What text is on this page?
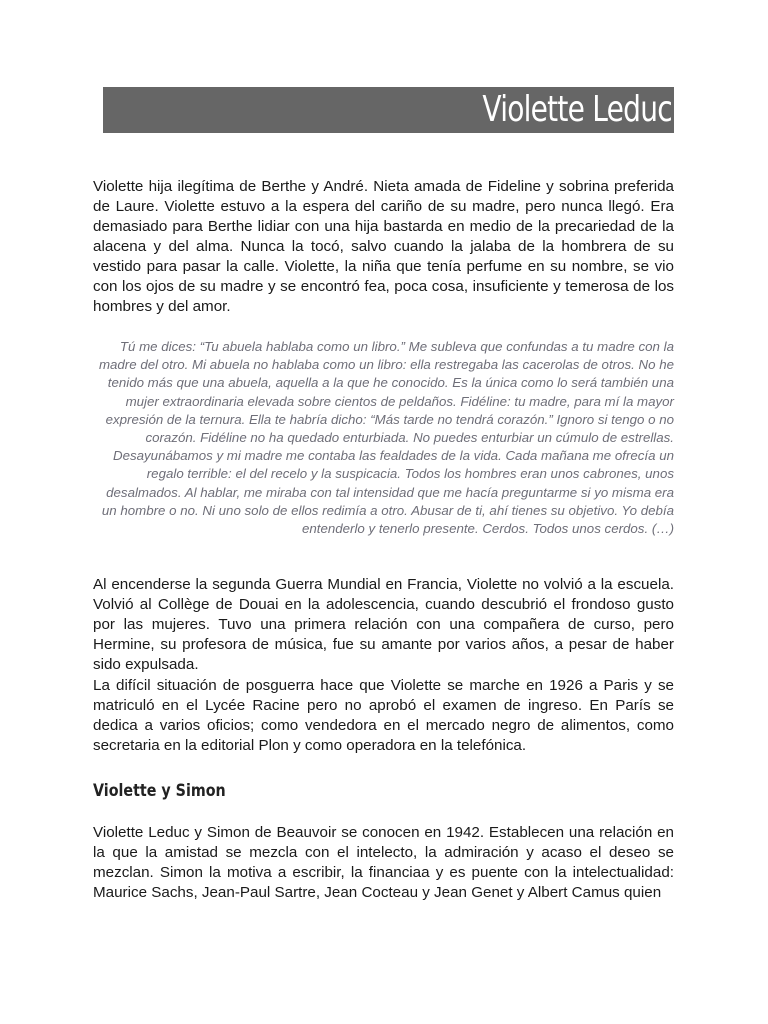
Violette Leduc

Violette hija ilegítima de Berthe y André. Nieta amada de Fideline y sobrina preferida de Laure. Violette estuvo a la espera del cariño de su madre, pero nunca llegó. Era demasiado para Berthe lidiar con una hija bastarda en medio de la precariedad de la alacena y del alma. Nunca la tocó, salvo cuando la jalaba de la hombrera de su vestido para pasar la calle. Violette, la niña que tenía perfume en su nombre, se vio con los ojos de su madre y se encontró fea, poca cosa, insuficiente y temerosa de los hombres y del amor.

Tú me dices: “Tu abuela hablaba como un libro.” Me subleva que confundas a tu madre con la madre del otro. Mi abuela no hablaba como un libro: ella restregaba las cacerolas de otros. No he tenido más que una abuela, aquella a la que he conocido. Es la única como lo será también una mujer extraordinaria elevada sobre cientos de peldaños. Fidéline: tu madre, para mí la mayor expresión de la ternura. Ella te habría dicho: “Más tarde no tendrá corazón.” Ignoro si tengo o no corazón. Fidéline no ha quedado enturbiada. No puedes enturbiar un cúmulo de estrellas.

Desayunábamos y mi madre me contaba las fealdades de la vida. Cada mañana me ofrecía un regalo terrible: el del recelo y la suspicacia. Todos los hombres eran unos cabrones, unos desalmados. Al hablar, me miraba con tal intensidad que me hacía preguntarme si yo misma era un hombre o no. Ni uno solo de ellos redimía a otro. Abusar de ti, ahí tienes su objetivo. Yo debía entenderlo y tenerlo presente. Cerdos. Todos unos cerdos. (…)

Al encenderse la segunda Guerra Mundial en Francia, Violette no volvió a la escuela. Volvió al Collège de Douai en la adolescencia, cuando descubrió el frondoso gusto por las mujeres. Tuvo una primera relación con una compañera de curso, pero Hermine, su profesora de música, fue su amante por varios años, a pesar de haber sido expulsada.

La difícil situación de posguerra hace que Violette se marche en 1926 a Paris y se matriculó en el Lycée Racine pero no aprobó el examen de ingreso. En París se dedica a varios oficios; como vendedora en el mercado negro de alimentos, como secretaria en la editorial Plon y como operadora en la telefónica.

Violette y Simon

Violette Leduc y Simon de Beauvoir se conocen en 1942. Establecen una relación en la que la amistad se mezcla con el intelecto, la admiración y acaso el deseo se mezclan. Simon la motiva a escribir, la financiaa y es puente con la intelectualidad: Maurice Sachs, Jean-Paul Sartre, Jean Cocteau y Jean Genet y Albert Camus quien
